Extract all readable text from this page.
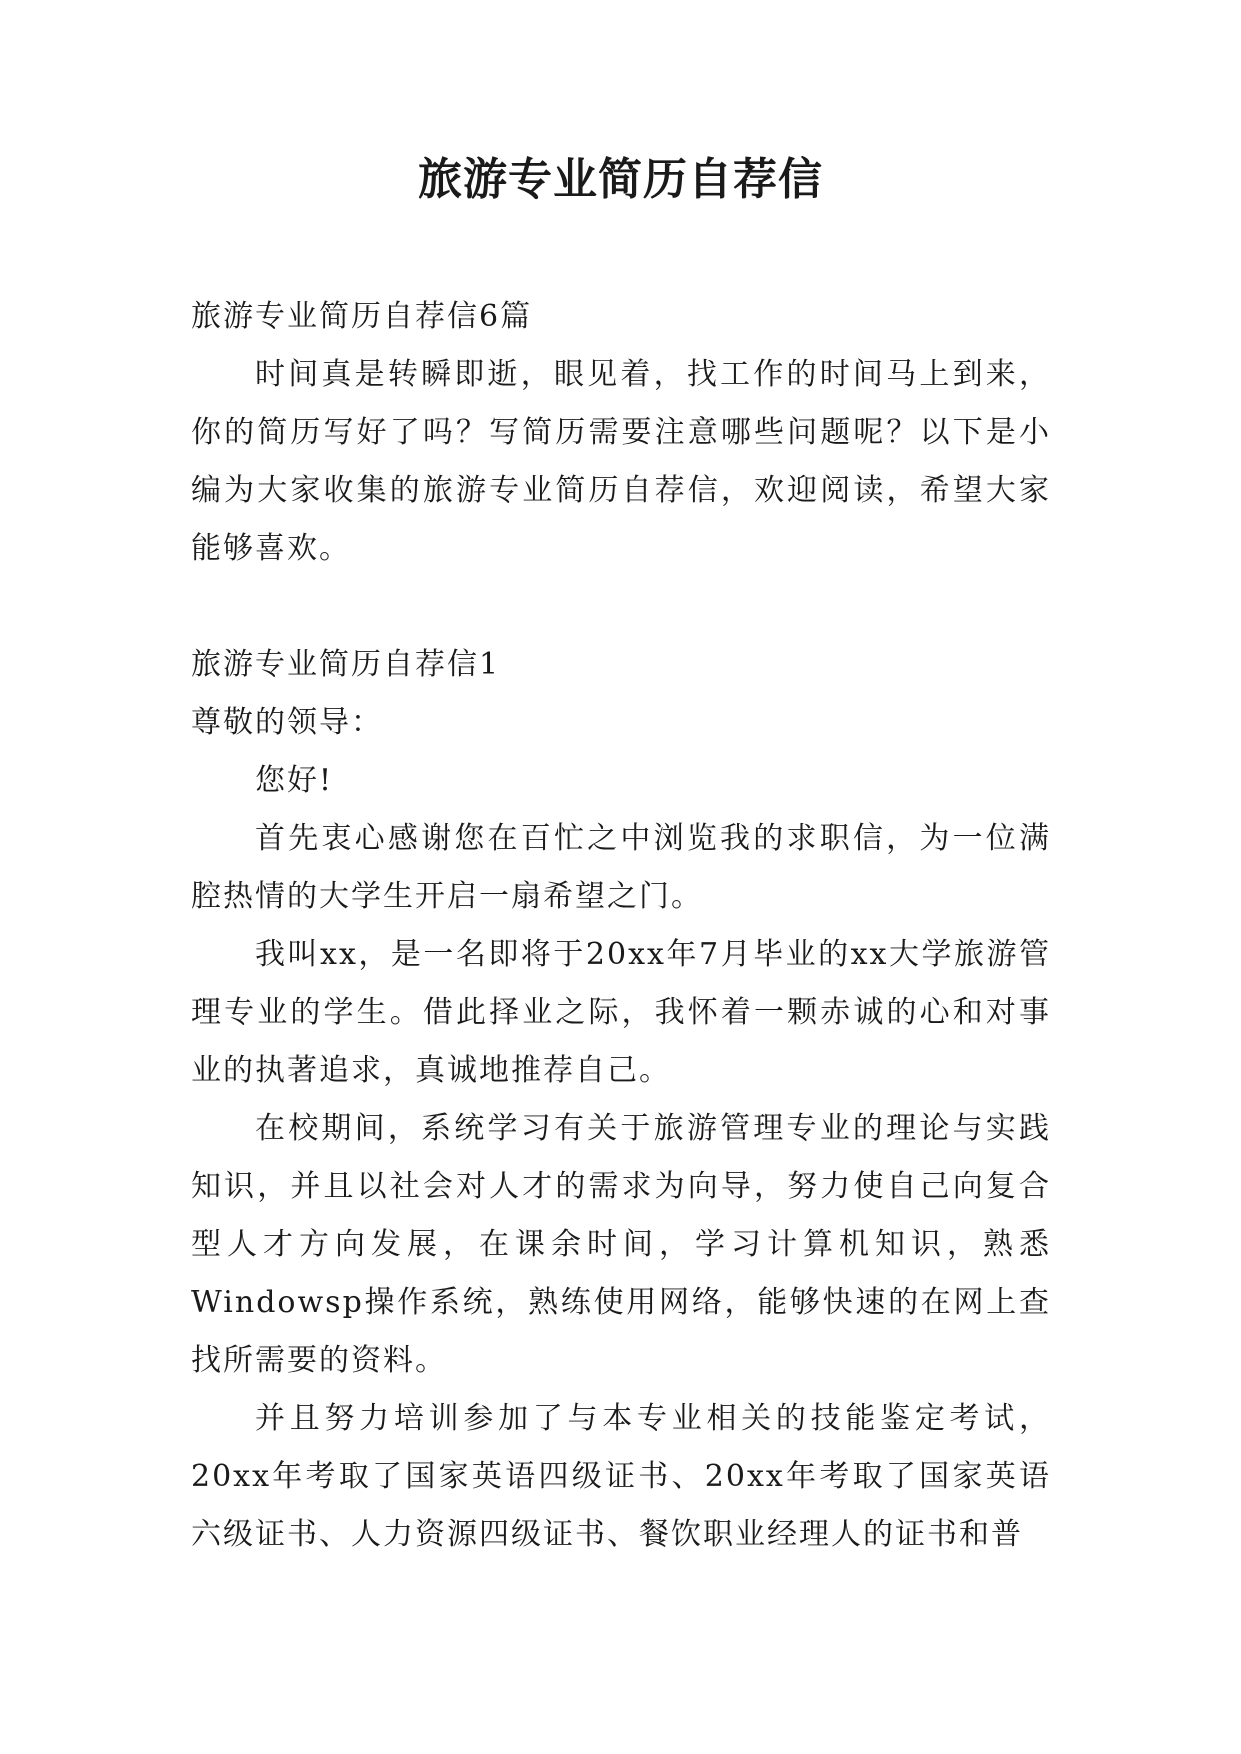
旅游专业简历自荐信

旅游专业简历自荐信6篇

时间真是转瞬即逝，眼见着，找工作的时间马上到来，你的简历写好了吗？写简历需要注意哪些问题呢？以下是小编为大家收集的旅游专业简历自荐信，欢迎阅读，希望大家能够喜欢。

旅游专业简历自荐信1

尊敬的领导：

您好!

首先衷心感谢您在百忙之中浏览我的求职信，为一位满腔热情的大学生开启一扇希望之门。

我叫xx，是一名即将于20xx年7月毕业的xx大学旅游管理专业的学生。借此择业之际，我怀着一颗赤诚的心和对事业的执著追求，真诚地推荐自己。

在校期间，系统学习有关于旅游管理专业的理论与实践知识，并且以社会对人才的需求为向导，努力使自己向复合型人才方向发展，在课余时间，学习计算机知识，熟悉Windowsp操作系统，熟练使用网络，能够快速的在网上查找所需要的资料。

并且努力培训参加了与本专业相关的技能鉴定考试，20xx年考取了国家英语四级证书、20xx年考取了国家英语六级证书、人力资源四级证书、餐饮职业经理人的证书和普
